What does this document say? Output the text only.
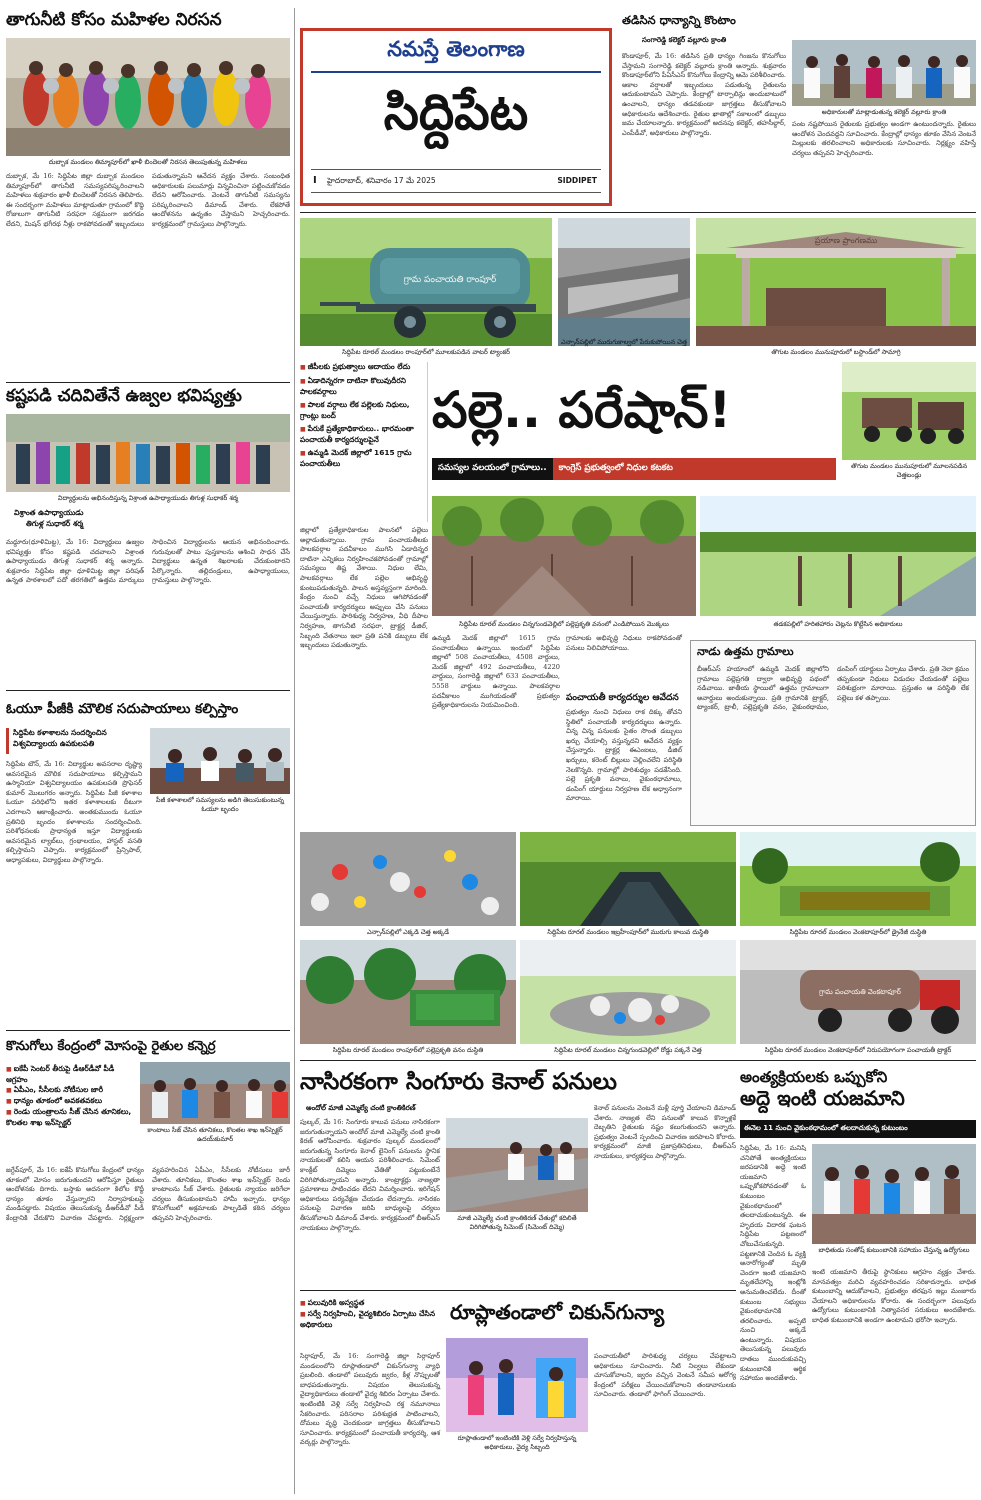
తాగునీటి కోసం మహిళల నిరసన
దుబ్బాక మండలం తిమ్మాపూర్‌లో ఖాళీ బిందెలతో నిరసన తెలుపుతున్న మహిళలు
దుబ్బాక, మే 16: సిద్దిపేట జిల్లా దుబ్బాక మండలం తిమ్మాపూర్‌లో తాగునీటి సమస్యపరిష్కరించాలని మహిళలు శుక్రవారం ఖాళీ బిందెలతో నిరసన తెలిపారు. ఈ సందర్భంగా మహిళలు మాట్లాడుతూ గ్రామంలో కొద్ది రోజులుగా తాగునీటి సరఫరా సక్రమంగా జరగడం లేదని, మిషన్ భగీరథ నీళ్లు రాకపోవడంతో ఇబ్బందులు పడుతున్నామని ఆవేదన వ్యక్తం చేశారు. సంబంధిత అధికారులకు పలుమార్లు విన్నవించినా పట్టించుకోవడం లేదని ఆరోపించారు. వెంటనే తాగునీటి సమస్యను పరిష్కరించాలని డిమాండ్ చేశారు. లేకపోతే ఆందోళనను ఉధృతం చేస్తామని హెచ్చరించారు. కార్యక్రమంలో గ్రామస్తులు పాల్గొన్నారు.
కష్టపడి చదివితేనే ఉజ్వల భవిష్యత్తు
విద్యార్థులను అభినందిస్తున్న విశ్రాంత ఉపాధ్యాయుడు తిగుళ్ల సుధాకర్ శర్మ
విశ్రాంత ఉపాధ్యాయుడు
తిగుళ్ల సుధాకర్ శర్మ
మద్దూరు(ధూళిమిట్ట), మే 16: విద్యార్థులు ఉజ్వల భవిష్యత్తు కోసం కష్టపడి చదవాలని విశ్రాంత ఉపాధ్యాయుడు తిగుళ్ల సుధాకర్ శర్మ అన్నారు. శుక్రవారం సిద్దిపేట జిల్లా ధూళిమిట్ట జిల్లా పరిషత్ ఉన్నత పాఠశాలలో పదో తరగతిలో ఉత్తమ మార్కులు సాధించిన విద్యార్థులను ఆయన అభినందించారు. గురువులతో పాటు పుస్తకాలను ఆశించి సాధన చేసే విద్యార్థులు ఉన్నత శిఖరాలకు చేరుకుంటారని పేర్కొన్నారు. తల్లిదండ్రులు, ఉపాధ్యాయులు, గ్రామస్తులు పాల్గొన్నారు.
ఓయూ పీజీకి మౌలిక సదుపాయాలు కల్పిస్తాం
సిద్దిపేట కళాశాలను సందర్శించిన
విశ్వవిద్యాలయ ఉపకులపతి
సిద్దిపేట టౌన్, మే 16: విద్యార్థుల అవసరాల దృష్ట్యా అవసరమైన మౌలిక సదుపాయాలు కల్పిస్తామని ఉస్మానియా విశ్వవిద్యాలయం ఉపకులపతి ప్రొఫెసర్ కుమార్ మొలుగరం అన్నారు. సిద్దిపేట పీజీ కళాశాల ఓయూ పరిధిలోని ఇతర కళాశాలలకు దీటుగా ఎదగాలని ఆకాంక్షించారు. అంతకుముందు ఓయూ ప్రతినిధి బృందం కళాశాలను సందర్శించింది. పరిశోధనలకు ప్రాధాన్యత ఇస్తూ విద్యార్థులకు అవసరమైన ల్యాబ్‌లు, గ్రంథాలయం, హాస్టల్ వసతి కల్పిస్తామని చెప్పారు. కార్యక్రమంలో ప్రిన్సిపాల్, అధ్యాపకులు, విద్యార్థులు పాల్గొన్నారు.
పీజీ కళాశాలలో సమస్యలను అడిగి తెలుసుకుంటున్న ఓయూ బృందం
కొనుగోలు కేంద్రంలో మోసంపై రైతుల కన్నెర్ర
■ ఐకేపీ సెంటర్ తీరుపై డీఆర్‌డీవో పీడీ ఆగ్రహం
■ ఏపీఎం, సీసీలకు నోటీసుల జారీ
■ ధాన్యం తూకంలో అవకతవకలు
■ రెండు యంత్రాలను సీజ్ చేసిన తూనికలు, కొలతల శాఖ ఇన్‌స్పెక్టర్
కాంటాలు సీజ్ చేసిన తూనికలు, కొలతల శాఖ ఇన్‌స్పెక్టర్ ఉదయ్‌కుమార్
జగ్దేవ్‌పూర్, మే 16: ఐకేపీ కొనుగోలు కేంద్రంలో ధాన్యం తూకంలో మోసం జరుగుతుందని ఆరోపిస్తూ రైతులు ఆందోళనకు దిగారు. బస్తాకు అదనంగా కిలోల కొద్దీ ధాన్యం తూకం వేస్తున్నారని నిర్వాహకులపై మండిపడ్డారు. విషయం తెలుసుకున్న డీఆర్‌డీవో పీడీ కేంద్రానికి చేరుకొని విచారణ చేపట్టారు. నిర్లక్ష్యంగా వ్యవహరించిన ఏపీఎం, సీసీలకు నోటీసులు జారీ చేశారు. తూనికలు, కొలతల శాఖ ఇన్‌స్పెక్టర్ రెండు కాంటాలను సీజ్ చేశారు. రైతులకు న్యాయం జరిగేలా చర్యలు తీసుకుంటామని హామీ ఇచ్చారు. ధాన్యం కొనుగోలులో అక్రమాలకు పాల్పడితే కఠిన చర్యలు తప్పవని హెచ్చరించారు.
నమస్తే తెలంగాణ
సిద్దిపేట
I హైదరాబాద్, శనివారం 17 మే 2025	SIDDIPET
తడిసిన ధాన్యాన్ని కొంటాం
సంగారెడ్డి కలెక్టర్ వల్లూరు క్రాంతి
కొండాపూర్, మే 16: తడిసిన ప్రతి ధాన్యం గింజను కొనుగోలు చేస్తామని సంగారెడ్డి కలెక్టర్ వల్లూరు క్రాంతి అన్నారు. శుక్రవారం కొండాపూర్‌లోని పీఏసీఎస్ కొనుగోలు కేంద్రాన్ని ఆమె పరిశీలించారు. అకాల వర్షాలతో ఇబ్బందులు పడుతున్న రైతులను ఆదుకుంటామని చెప్పారు. కేంద్రాల్లో టార్పాలిన్లు అందుబాటులో ఉంచాలని, ధాన్యం తడవకుండా జాగ్రత్తలు తీసుకోవాలని అధికారులను ఆదేశించారు. రైతుల ఖాతాల్లో సకాలంలో డబ్బులు జమ చేయాలన్నారు. కార్యక్రమంలో అదనపు కలెక్టర్, తహసీల్దార్, ఎంపీడీవో, అధికారులు పాల్గొన్నారు.
అధికారులతో మాట్లాడుతున్న కలెక్టర్ వల్లూరు క్రాంతి
పంట నష్టపోయిన రైతులకు ప్రభుత్వం అండగా ఉంటుందన్నారు. రైతులు ఆందోళన చెందవద్దని సూచించారు. కేంద్రాల్లో ధాన్యం తూకం వేసిన వెంటనే మిల్లులకు తరలించాలని అధికారులకు సూచించారు. నిర్లక్ష్యం వహిస్తే చర్యలు తప్పవని హెచ్చరించారు.
గ్రామ పంచాయతి రాంపూర్
సిద్దిపేట రూరల్ మండలం రాంపూర్‌లో మూలకుపడిన వాటర్ ట్యాంకర్
ఎన్సాన్‌పల్లిలో మురుగుకాల్వలో పేరుకుపోయిన చెత్త
ప్రయాణ ప్రాంగణము
తొగుట మండలం మునుపూరులో బస్టాండ్‌లో సామాగ్రి
■ జీపీలకు ప్రభుత్వాలు ఆదాయం లేదు
■ ఏడాదిన్నరగా దాటినా కొలువుదీరని పాలకవర్గాలు
■ పాలక వర్గాలు లేక పల్లెలకు నిధులు, గ్రాంట్లు బంద్
■ పేరుకే ప్రత్యేకాధికారులు.. భారమంతా పంచాయతీ కార్యదర్శులపైనే
■ ఉమ్మడి మెదక్ జిల్లాలో 1615 గ్రామ పంచాయతీలు
పల్లె.. పరేషాన్!
తొగుట మండలం మునుపూరులో మూలనపడిన చెత్తబండ్లు
సమస్యల వలయంలో గ్రామాలు..	కాంగ్రెస్ ప్రభుత్వంలో నిధుల కటకట
సిద్దిపేట రూరల్ మండలం చిన్నగుండవెల్లిలో పల్లెప్రకృతి వనంలో ఎండిపోయిన మొక్కలు	తడకపల్లిలో హరితహారం చెట్లను కొట్టేసిన అధికారులు
జిల్లాలో ప్రత్యేకాధికారుల పాలనలో పల్లెలు అల్లాడుతున్నాయి. గ్రామ పంచాయతీలకు పాలకవర్గాల పదవీకాలం ముగిసి ఏడాదిన్నర దాటినా ఎన్నికలు నిర్వహించకపోవడంతో గ్రామాల్లో సమస్యలు తిష్ట వేశాయి. నిధుల లేమి, పాలకవర్గాలు లేక పల్లెల అభివృద్ధి కుంటుపడుతున్నది. పాలన అస్తవ్యస్తంగా మారింది. కేంద్రం నుంచి వచ్చే నిధులు ఆగిపోవడంతో పంచాయతీ కార్యదర్శులు అప్పులు చేసి పనులు చేయిస్తున్నారు. పారిశుధ్య నిర్వహణ, వీధి దీపాల నిర్వహణ, తాగునీటి సరఫరా, ట్రాక్టర్ల డీజిల్, సిబ్బంది వేతనాలు ఇలా ప్రతి పనికి డబ్బులు లేక ఇబ్బందులు పడుతున్నారు.
ఉమ్మడి మెదక్ జిల్లాలో 1615 గ్రామ పంచాయతీలు ఉన్నాయి. ఇందులో సిద్దిపేట జిల్లాలో 508 పంచాయతీలు, 4508 వార్డులు, మెదక్ జిల్లాలో 492 పంచాయతీలు, 4220 వార్డులు, సంగారెడ్డి జిల్లాలో 633 పంచాయతీలు, 5558 వార్డులు ఉన్నాయి. పాలకవర్గాల పదవీకాలం ముగియడంతో ప్రభుత్వం ప్రత్యేకాధికారులను నియమించింది.
గ్రామాలకు అభివృద్ధి నిధులు రాకపోవడంతో పనులు నిలిచిపోయాయి.
పంచాయతీ కార్యదర్శుల ఆవేదన
ప్రభుత్వం నుంచి నిధులు రాక దిక్కు తోచని స్థితిలో పంచాయతీ కార్యదర్శులు ఉన్నారు. చిన్న చిన్న పనులకు సైతం సొంత డబ్బులు ఖర్చు చేయాల్సి వస్తున్నదని ఆవేదన వ్యక్తం చేస్తున్నారు. ట్రాక్టర్ల ఈఎంఐలు, డీజిల్ ఖర్చులు, కరెంట్ బిల్లులు చెల్లించలేని పరిస్థితి నెలకొన్నది. గ్రామాల్లో పారిశుధ్యం పడకేసింది. పల్లె ప్రకృతి వనాలు, వైకుంఠధామాలు, డంపింగ్ యార్డులు నిర్వహణ లేక అధ్వానంగా మారాయి.
నాడు ఉత్తమ గ్రామాలు
బీఆర్ఎస్ హయాంలో ఉమ్మడి మెదక్ జిల్లాలోని గ్రామాలు పల్లెప్రగతి ద్వారా అభివృద్ధి పథంలో నడిచాయి. జాతీయ స్థాయిలో ఉత్తమ గ్రామాలుగా అవార్డులు అందుకున్నాయి. ప్రతి గ్రామానికి ట్రాక్టర్, ట్యాంకర్, ట్రాలీ, పల్లెప్రకృతి వనం, వైకుంఠధామం, డంపింగ్ యార్డులు ఏర్పాటు చేశారు. ప్రతి నెలా క్రమం తప్పకుండా నిధులు విడుదల చేయడంతో పల్లెలు పరిశుభ్రంగా మారాయి. ప్రస్తుతం ఆ పరిస్థితి లేక పల్లెలు కళ తప్పాయి.
ఎన్సాన్‌పల్లిలో ఎక్కడి చెత్త అక్కడే	సిద్దిపేట రూరల్ మండలం ఇబ్రహీంపూర్‌లో మురుగు కాలువ దుస్థితి	సిద్దిపేట రూరల్ మండలం వెంకటాపూర్‌లో డ్రైనేజీ దుస్థితి
సిద్దిపేట రూరల్ మండలం రాంపూర్‌లో పల్లెప్రకృతి వనం దుస్థితి	సిద్దిపేట రూరల్ మండలం చిన్నగుండవెల్లిలో రోడ్డు పక్కనే చెత్త
గ్రామ పంచాయతి వెంకటాపూర్
సిద్దిపేట రూరల్ మండలం వెంకటాపూర్‌లో నిరుపయోగంగా పంచాయతీ ట్రాక్టర్
నాసిరకంగా సింగూరు కెనాల్ పనులు
అందోల్ మాజీ ఎమ్మెల్యే చంటి క్రాంతికిరణ్
పుల్కల్, మే 16: సింగూరు కాలువ పనులు నాసిరకంగా జరుగుతున్నాయని అందోల్ మాజీ ఎమ్మెల్యే చంటి క్రాంతి కిరణ్ ఆరోపించారు. శుక్రవారం పుల్కల్ మండలంలో జరుగుతున్న సింగూరు కెనాల్ లైనింగ్ పనులను స్థానిక నాయకులతో కలిసి ఆయన పరిశీలించారు. సిమెంట్ కాంక్రీట్ దిమ్మెలు చేతితో పట్టుకుంటేనే విరిగిపోతున్నాయని అన్నారు. కాంట్రాక్టర్లు నాణ్యతా ప్రమాణాలు పాటించడం లేదని విమర్శించారు. ఇరిగేషన్ అధికారులు పర్యవేక్షణ చేయడం లేదన్నారు. నాసిరకం పనులపై విచారణ జరిపి బాధ్యులపై చర్యలు తీసుకోవాలని డిమాండ్ చేశారు. కార్యక్రమంలో బీఆర్ఎస్ నాయకులు పాల్గొన్నారు.
మాజీ ఎమ్మెల్యే చంటి క్రాంతికిరణ్ చేతుల్లో కదిలితే విరిగిపోతున్న సిమెంట్ (సిమెంట్ దిమ్మె)
కెనాల్ పనులను వెంటనే మళ్లీ పూర్తి చేయాలని డిమాండ్ చేశారు. నాణ్యత లేని పనులతో కాలువ కొన్నాళ్లకే దెబ్బతిని రైతులకు నష్టం కలుగుతుందని అన్నారు. ప్రభుత్వం వెంటనే స్పందించి విచారణ జరపాలని కోరారు. కార్యక్రమంలో మాజీ ప్రజాప్రతినిధులు, బీఆర్ఎస్ నాయకులు, కార్యకర్తలు పాల్గొన్నారు.
అంత్యక్రియలకు ఒప్పుకోని
అద్దె ఇంటి యజమాని
ఈనెల 11 నుంచి వైకుంఠధామంలో తలదాచుకున్న కుటుంబం
సిద్దిపేట, మే 16: మనిషి చనిపోతే అంత్యక్రియలు జరపడానికి అద్దె ఇంటి యజమాని ఒప్పుకోకపోవడంతో ఓ కుటుంబం వైకుంఠధామంలో తలదాచుకుంటున్నది. ఈ హృదయ విదారక ఘటన సిద్దిపేట పట్టణంలో చోటుచేసుకున్నది. పట్టణానికి చెందిన ఓ వ్యక్తి అనారోగ్యంతో మృతి చెందగా ఇంటి యజమాని మృతదేహాన్ని ఇంట్లోకి అనుమతించలేదు. దీంతో కుటుంబ సభ్యులు వైకుంఠధామానికి తరలించారు. అప్పటి నుంచి అక్కడే ఉంటున్నారు. విషయం తెలుసుకున్న పలువురు దాతలు ముందుకువచ్చి కుటుంబానికి ఆర్థిక సహాయం అందజేశారు.
బాధితుడు సంతోష్ కుటుంబానికి సహాయం చేస్తున్న ఉద్యోగులు
ఇంటి యజమాని తీరుపై స్థానికులు ఆగ్రహం వ్యక్తం చేశారు. మానవత్వం మరిచి వ్యవహరించడం సరికాదన్నారు. బాధిత కుటుంబాన్ని ఆదుకోవాలని, ప్రభుత్వం తరఫున ఇల్లు మంజూరు చేయాలని అధికారులను కోరారు. ఈ సందర్భంగా పలువురు ఉద్యోగులు కుటుంబానికి నిత్యావసర సరుకులు అందజేశారు. బాధిత కుటుంబానికి అండగా ఉంటామని భరోసా ఇచ్చారు.
■ పలువురికి అస్వస్థత
■ సర్వే నిర్వహించి, వైద్యశిబిరం ఏర్పాటు చేసిన అధికారులు
రూప్లాతండాలో చికున్‌గున్యా
సిర్గాపూర్, మే 16: సంగారెడ్డి జిల్లా సిర్గాపూర్ మండలంలోని రూప్లాతండాలో చికున్‌గున్యా వ్యాధి ప్రబలింది. తండాలో పలువురు జ్వరం, కీళ్ల నొప్పులతో బాధపడుతున్నారు. విషయం తెలుసుకున్న వైద్యాధికారులు తండాలో వైద్య శిబిరం ఏర్పాటు చేశారు. ఇంటింటికి వెళ్లి సర్వే నిర్వహించి రక్త నమూనాలు సేకరించారు. పరిసరాల పరిశుభ్రత పాటించాలని, దోమలు వృద్ధి చెందకుండా జాగ్రత్తలు తీసుకోవాలని సూచించారు. కార్యక్రమంలో పంచాయతీ కార్యదర్శి, ఆశ వర్కర్లు పాల్గొన్నారు.
రూప్లాతండాలో ఇంటింటికి వెళ్లి సర్వే నిర్వహిస్తున్న అధికారులు, వైద్య సిబ్బంది
పంచాయతీలో పారిశుధ్య చర్యలు చేపట్టాలని అధికారులు సూచించారు. నీటి నిల్వలు లేకుండా చూసుకోవాలని, జ్వరం వచ్చిన వెంటనే సమీప ఆరోగ్య కేంద్రంలో పరీక్షలు చేయించుకోవాలని తండావాసులకు సూచించారు. తండాలో ఫాగింగ్ చేయించారు.
